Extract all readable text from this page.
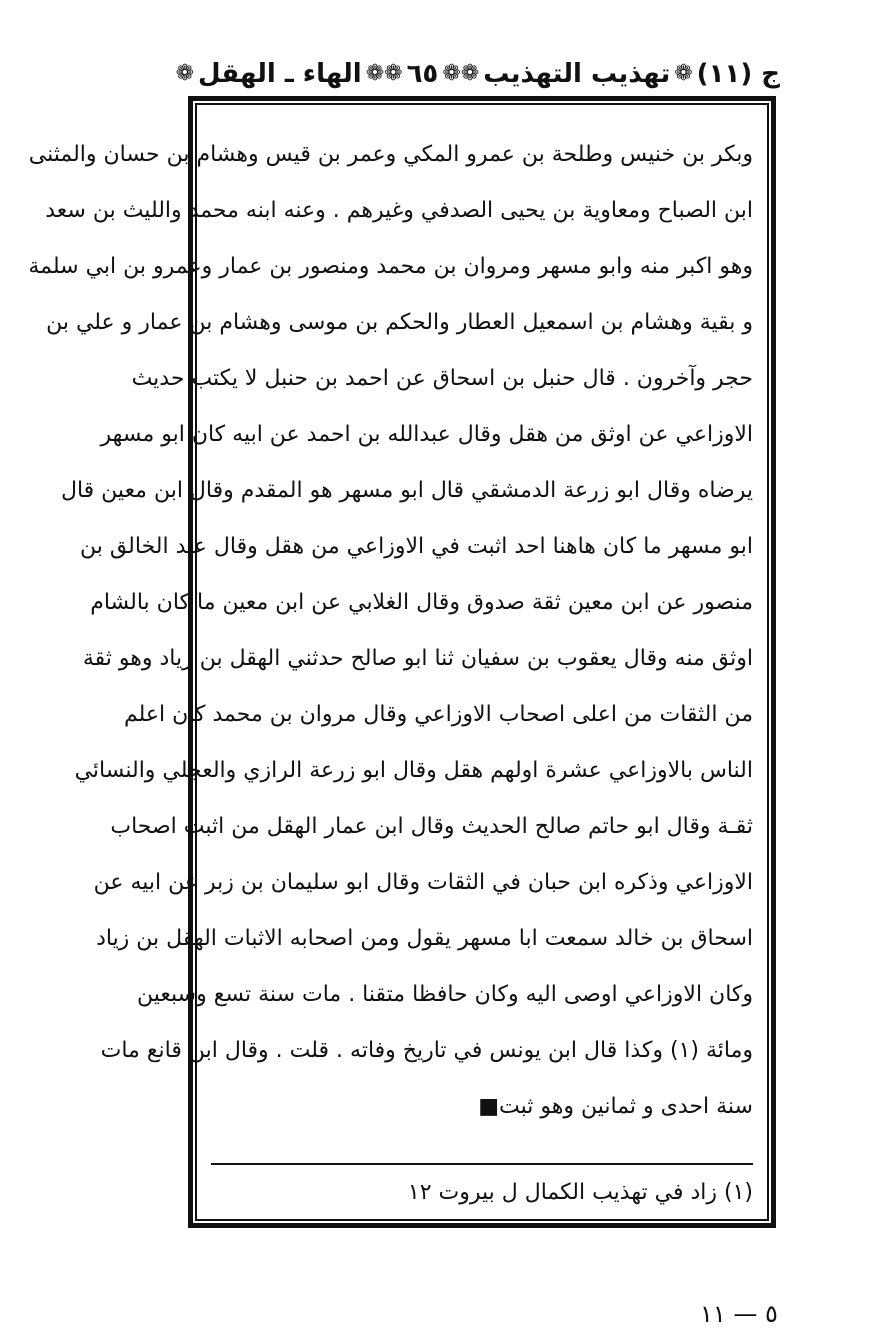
ج (١١)
❁
تهذيب التهذيب
❁
❁
٦٥
❁
❁
الهاء ـ الهقل
❁
وبكر بن خنيس وطلحة بن عمرو المكي وعمر بن قيس وهشام بن حسان والمثنى
ابن الصباح ومعاوية بن يحيى الصدفي وغيرهم . وعنه ابنه محمد والليث بن سعد
وهو اكبر منه وابو مسهر ومروان بن محمد ومنصور بن عمار وعمرو بن ابي سلمة
و بقية وهشام بن اسمعيل العطار والحكم بن موسى وهشام بن عمار و علي بن
حجر وآخرون . قال حنبل بن اسحاق عن احمد بن حنبل لا يكتب حديث
الاوزاعي عن اوثق من هقل وقال عبدالله بن احمد عن ابيه كان ابو مسهر
يرضاه وقال ابو زرعة الدمشقي قال ابو مسهر هو المقدم وقال ابن معين قال
ابو مسهر ما كان هاهنا احد اثبت في الاوزاعي من هقل وقال عبد الخالق بن
منصور عن ابن معين ثقة صدوق وقال الغلابي عن ابن معين ما كان بالشام
اوثق منه وقال يعقوب بن سفيان ثنا ابو صالح حدثني الهقل بن زياد وهو ثقة
من الثقات من اعلى اصحاب الاوزاعي وقال مروان بن محمد كان اعلم
الناس بالاوزاعي عشرة اولهم هقل وقال ابو زرعة الرازي والعجلي والنسائي
ثقـة وقال ابو حاتم صالح الحديث وقال ابن عمار الهقل من اثبت اصحاب
الاوزاعي وذكره ابن حبان في الثقات وقال ابو سليمان بن زبر عن ابيه عن
اسحاق بن خالد سمعت ابا مسهر يقول ومن اصحابه الاثبات الهقل بن زياد
وكان الاوزاعي اوصى اليه وكان حافظا متقنا . مات سنة تسع وسبعين
ومائة (١) وكذا قال ابن يونس في تاريخ وفاته . قلت . وقال ابن قانع مات
سنة احدى و ثمانين وهو ثبت■
(١) زاد في تهذيب الكمال ل بيروت ١٢
٥ — ١١
